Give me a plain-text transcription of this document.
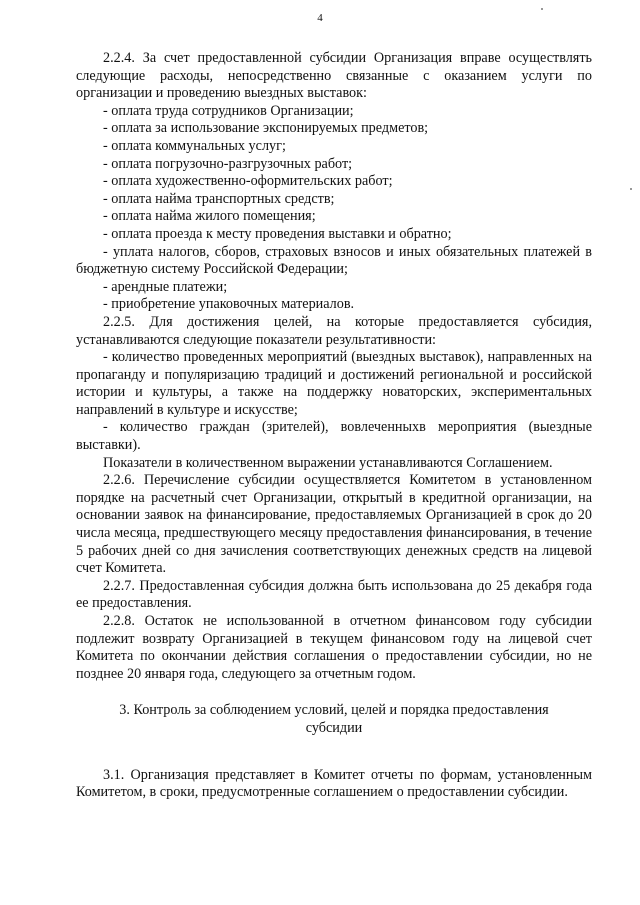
4

2.2.4. За счет предоставленной субсидии Организация вправе осуществлять следующие расходы, непосредственно связанные с оказанием услуги по организации и проведению выездных выставок:

- оплата труда сотрудников Организации;

- оплата за использование экспонируемых предметов;

- оплата коммунальных услуг;

- оплата погрузочно-разгрузочных работ;

- оплата художественно-оформительских работ;

- оплата найма транспортных средств;

- оплата найма жилого помещения;

- оплата проезда к месту проведения выставки и обратно;

- уплата налогов, сборов, страховых взносов и иных обязательных платежей в бюджетную систему Российской Федерации;

- арендные платежи;

- приобретение упаковочных материалов.

2.2.5. Для достижения целей, на которые предоставляется субсидия, устанавливаются следующие показатели результативности:

- количество проведенных мероприятий (выездных выставок), направленных на пропаганду и популяризацию традиций и достижений региональной и российской истории и культуры, а также на поддержку новаторских, экспериментальных направлений в культуре и искусстве;

- количество граждан (зрителей), вовлеченныхв мероприятия (выездные выставки).

Показатели в количественном выражении устанавливаются Соглашением.

2.2.6. Перечисление субсидии осуществляется Комитетом в установленном порядке на расчетный счет Организации, открытый в кредитной организации, на основании заявок на финансирование, предоставляемых Организацией в срок до 20 числа месяца, предшествующего месяцу предоставления финансирования, в течение 5 рабочих дней со дня зачисления соответствующих денежных средств на лицевой счет Комитета.

2.2.7. Предоставленная субсидия должна быть использована до 25 декабря года ее предоставления.

2.2.8. Остаток не использованной в отчетном финансовом году субсидии подлежит возврату Организацией в текущем финансовом году на лицевой счет Комитета по окончании действия соглашения о предоставлении субсидии, но не позднее 20 января года, следующего за отчетным годом.

3. Контроль за соблюдением условий, целей и порядка предоставления субсидии

3.1. Организация представляет в Комитет отчеты по формам, установленным Комитетом, в сроки, предусмотренные соглашением о предоставлении субсидии.
